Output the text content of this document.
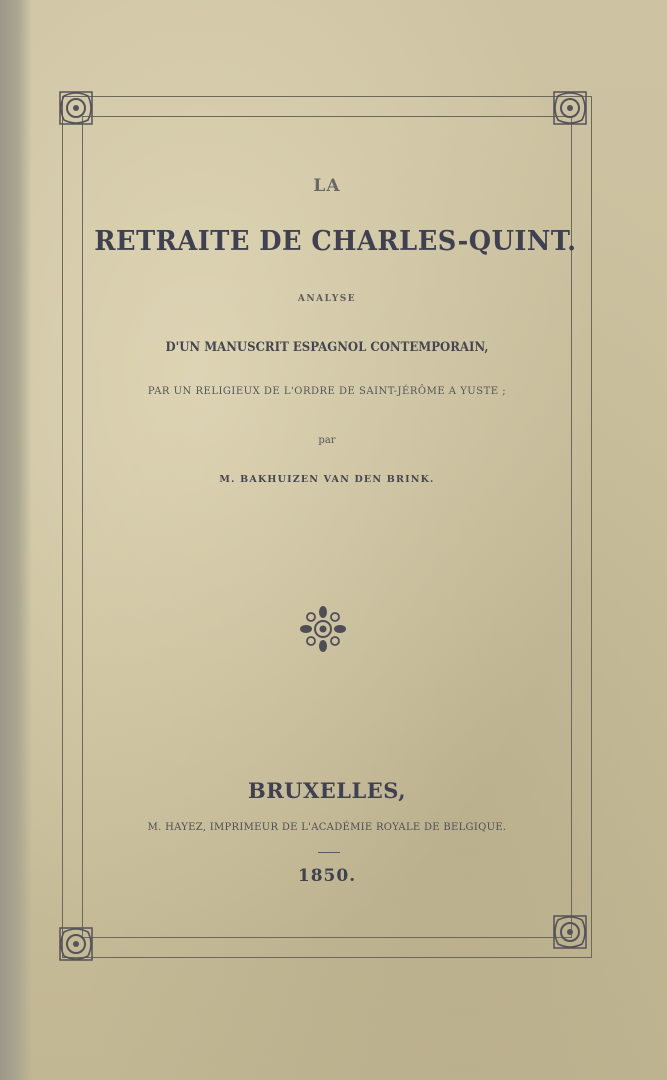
LA
RETRAITE DE CHARLES-QUINT.
ANALYSE
D'UN MANUSCRIT ESPAGNOL CONTEMPORAIN,
PAR UN RELIGIEUX DE L'ORDRE DE SAINT-JÉRÔME A YUSTE ;
par
M. BAKHUIZEN VAN DEN BRINK.
BRUXELLES,
M. HAYEZ, IMPRIMEUR DE L'ACADÉMIE ROYALE DE BELGIQUE.
1850.
